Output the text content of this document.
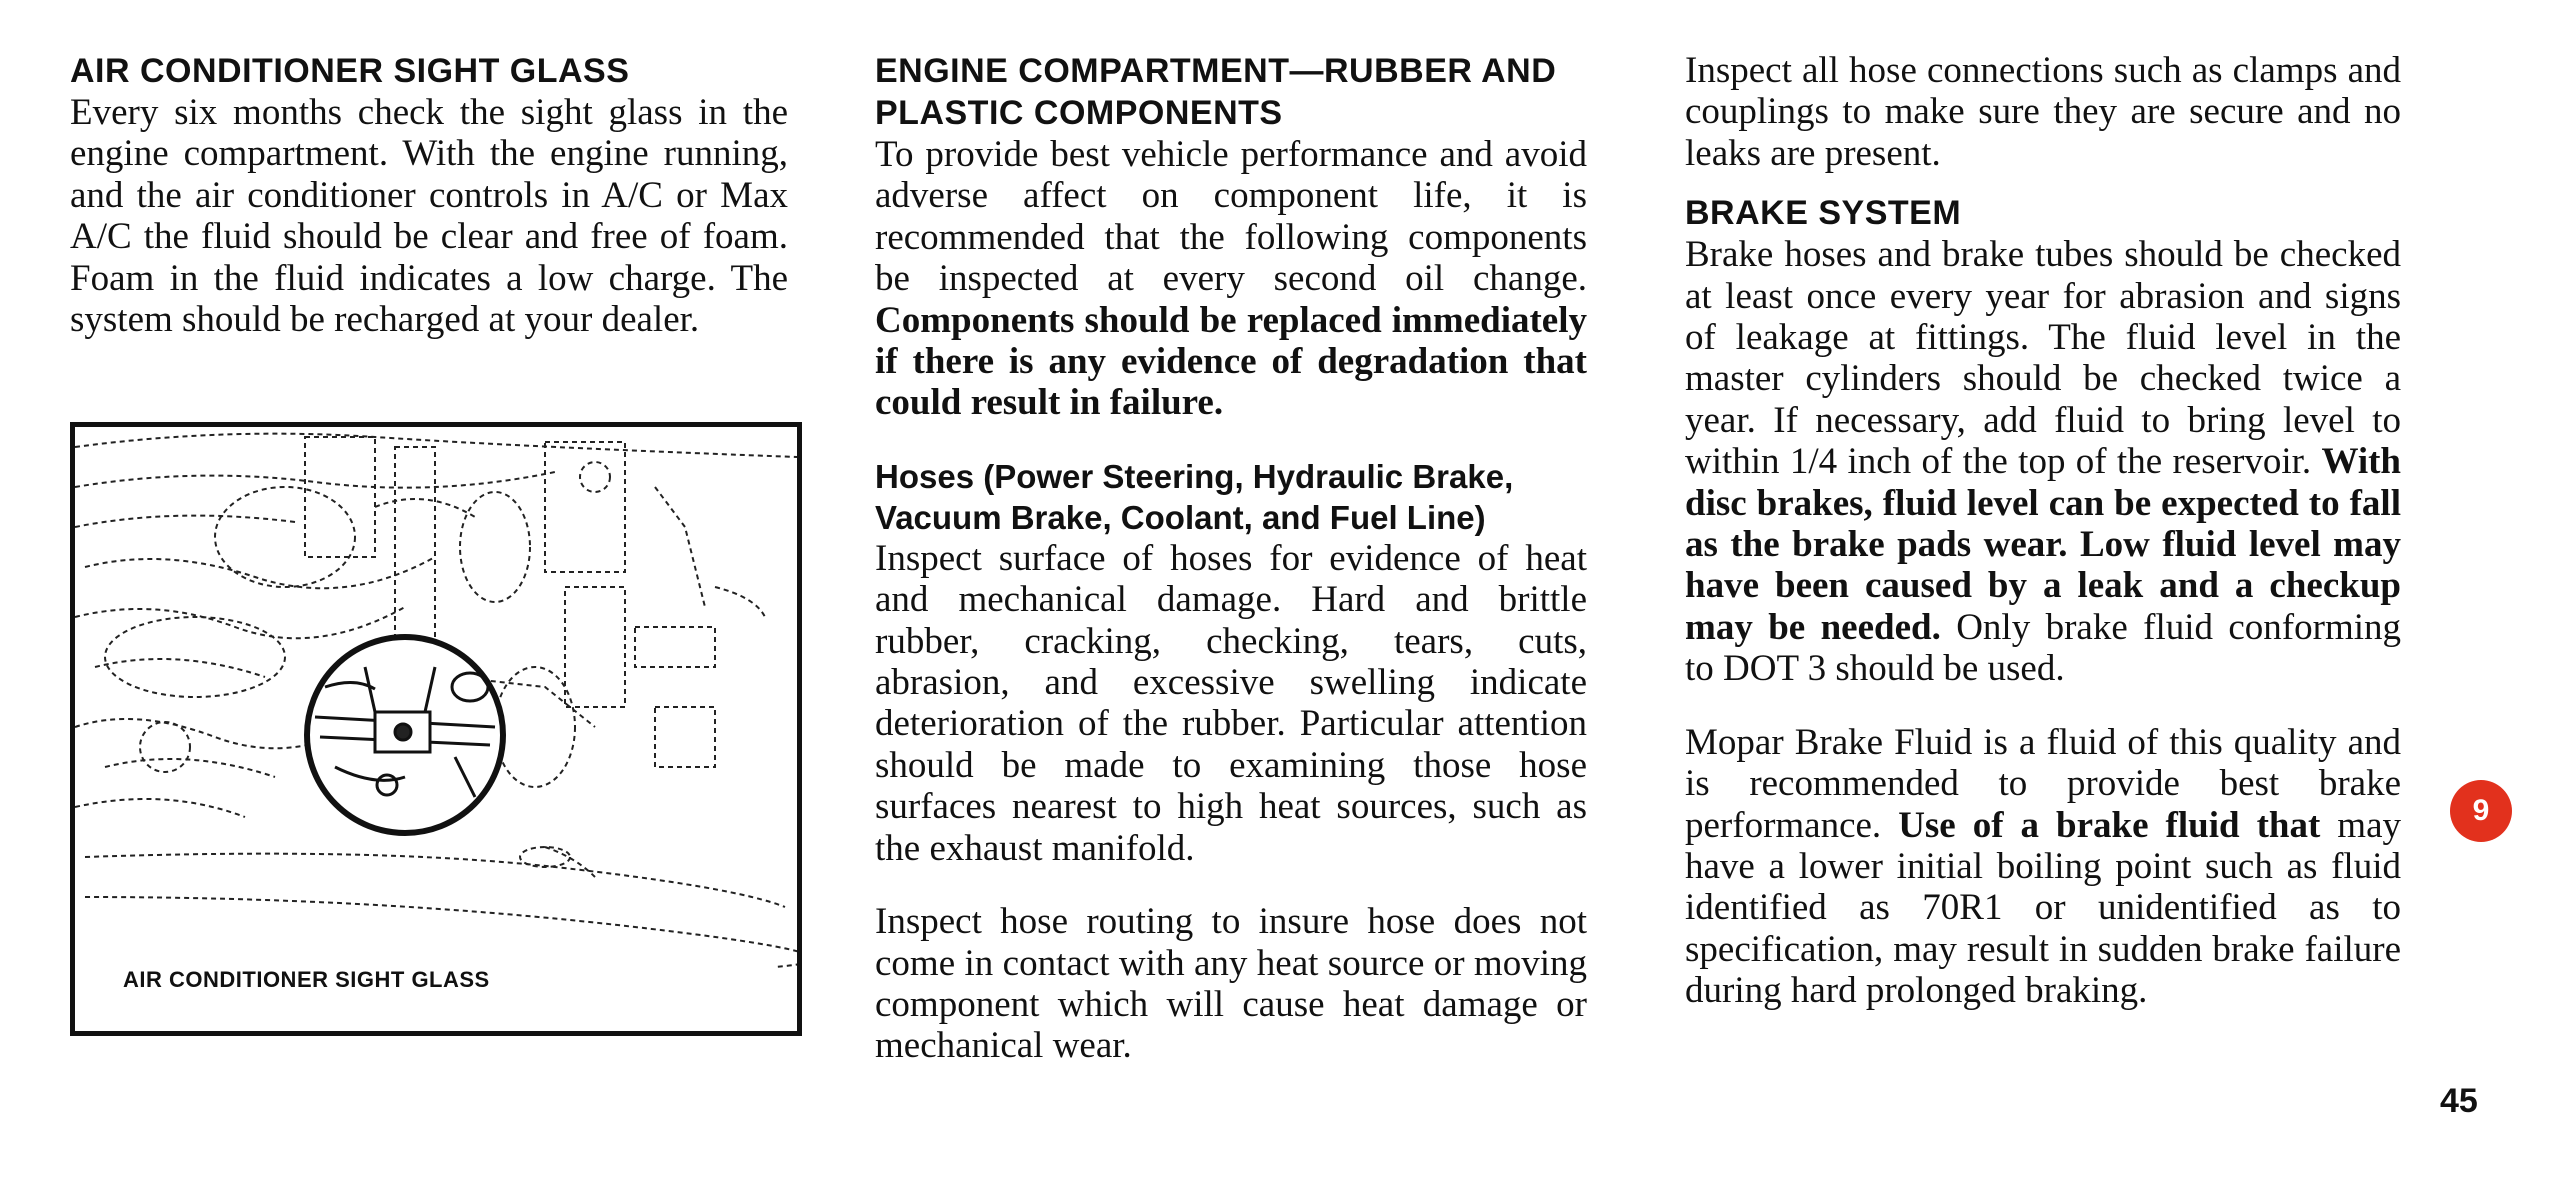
AIR CONDITIONER SIGHT GLASS

Every six months check the sight glass in the engine compartment. With the engine running, and the air conditioner controls in A/C or Max A/C the fluid should be clear and free of foam. Foam in the fluid indicates a low charge. The system should be recharged at your dealer.

AIR CONDITIONER SIGHT GLASS
ENGINE COMPARTMENT—RUBBER AND PLASTIC COMPONENTS

To provide best vehicle performance and avoid adverse affect on component life, it is recommended that the following components be inspected at every second oil change. Components should be replaced immediately if there is any evidence of degradation that could result in failure.

Hoses (Power Steering, Hydraulic Brake, Vacuum Brake, Coolant, and Fuel Line)

Inspect surface of hoses for evidence of heat and mechanical damage. Hard and brittle rubber, cracking, checking, tears, cuts, abrasion, and excessive swelling indicate deterioration of the rubber. Particular attention should be made to examining those hose surfaces nearest to high heat sources, such as the exhaust manifold.

Inspect hose routing to insure hose does not come in contact with any heat source or moving component which will cause heat damage or mechanical wear.

Inspect all hose connections such as clamps and couplings to make sure they are secure and no leaks are present.

BRAKE SYSTEM

Brake hoses and brake tubes should be checked at least once every year for abrasion and signs of leakage at fittings. The fluid level in the master cylinders should be checked twice a year. If necessary, add fluid to bring level to within 1/4 inch of the top of the reservoir. With disc brakes, fluid level can be expected to fall as the brake pads wear. Low fluid level may have been caused by a leak and a checkup may be needed. Only brake fluid conforming to DOT 3 should be used.

Mopar Brake Fluid is a fluid of this quality and is recommended to provide best brake performance. Use of a brake fluid that may have a lower initial boiling point such as fluid identified as 70R1 or unidentified as to specification, may result in sudden brake failure during hard prolonged braking.

9
45
